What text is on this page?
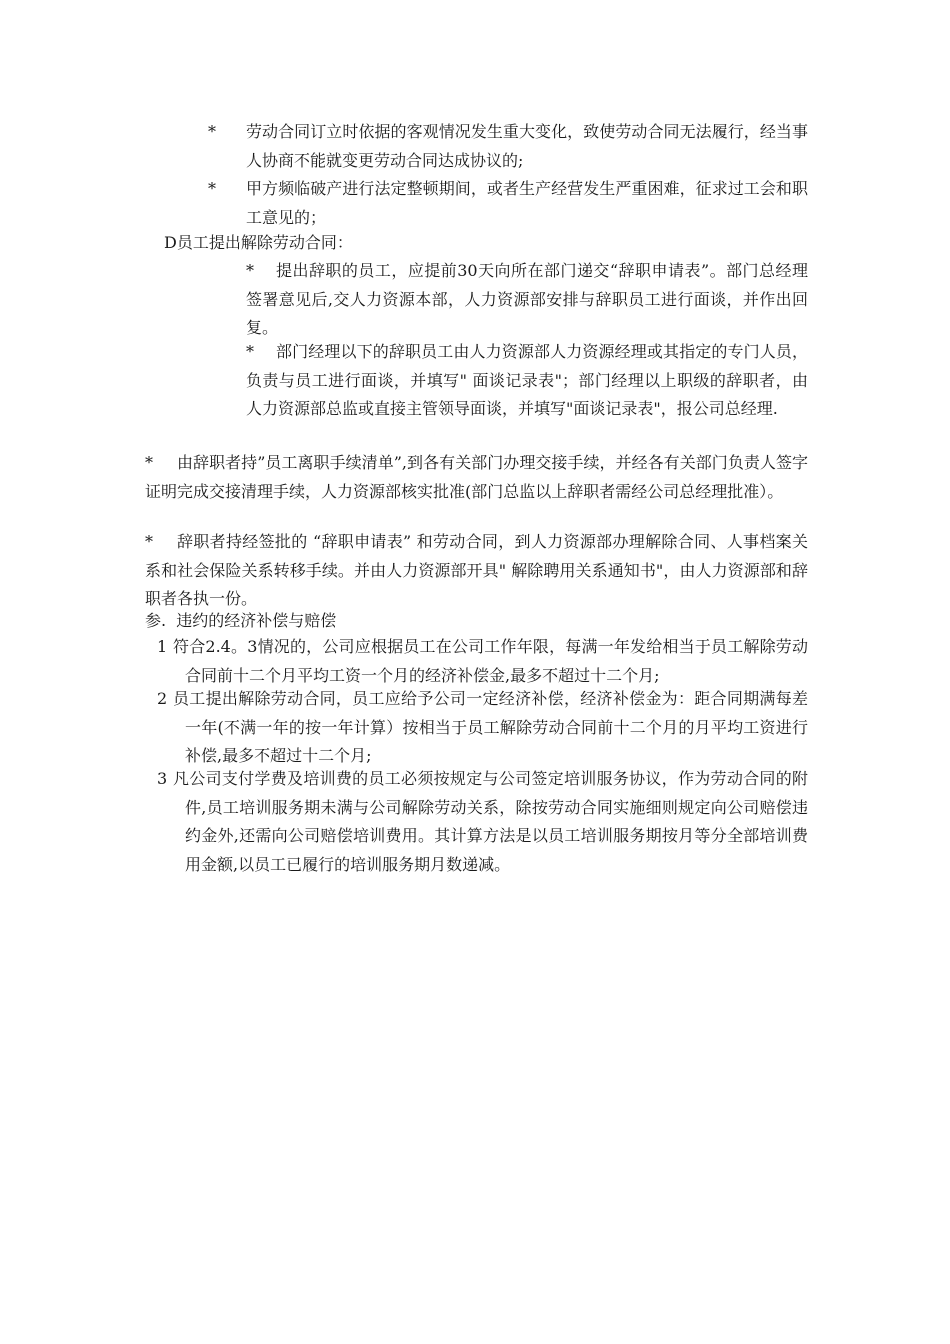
* 劳动合同订立时依据的客观情况发生重大变化，致使劳动合同无法履行，经当事人协商不能就变更劳动合同达成协议的;
* 甲方频临破产进行法定整顿期间，或者生产经营发生严重困难，征求过工会和职工意见的；
D员工提出解除劳动合同：
*	提出辞职的员工，应提前30天向所在部门递交“辞职申请表”。部门总经理签署意见后,交人力资源本部，人力资源部安排与辞职员工进行面谈，并作出回复。
*	部门经理以下的辞职员工由人力资源部人力资源经理或其指定的专门人员，负责与员工进行面谈，并填写" 面谈记录表"；部门经理以上职级的辞职者，由人力资源部总监或直接主管领导面谈，并填写"面谈记录表"，报公司总经理.
*	由辞职者持”员工离职手续清单”,到各有关部门办理交接手续，并经各有关部门负责人签字证明完成交接清理手续，人力资源部核实批准(部门总监以上辞职者需经公司总经理批准）。
*	辞职者持经签批的 “辞职申请表” 和劳动合同，到人力资源部办理解除合同、人事档案关系和社会保险关系转移手续。并由人力资源部开具" 解除聘用关系通知书"，由人力资源部和辞职者各执一份。
参.  违约的经济补偿与赔偿
1 符合2.4。3情况的，公司应根据员工在公司工作年限，每满一年发给相当于员工解除劳动合同前十二个月平均工资一个月的经济补偿金,最多不超过十二个月;
2 员工提出解除劳动合同，员工应给予公司一定经济补偿，经济补偿金为：距合同期满每差一年(不满一年的按一年计算）按相当于员工解除劳动合同前十二个月的月平均工资进行补偿,最多不超过十二个月;
3 凡公司支付学费及培训费的员工必须按规定与公司签定培训服务协议，作为劳动合同的附件,员工培训服务期未满与公司解除劳动关系，除按劳动合同实施细则规定向公司赔偿违约金外,还需向公司赔偿培训费用。其计算方法是以员工培训服务期按月等分全部培训费用金额,以员工已履行的培训服务期月数递减。
